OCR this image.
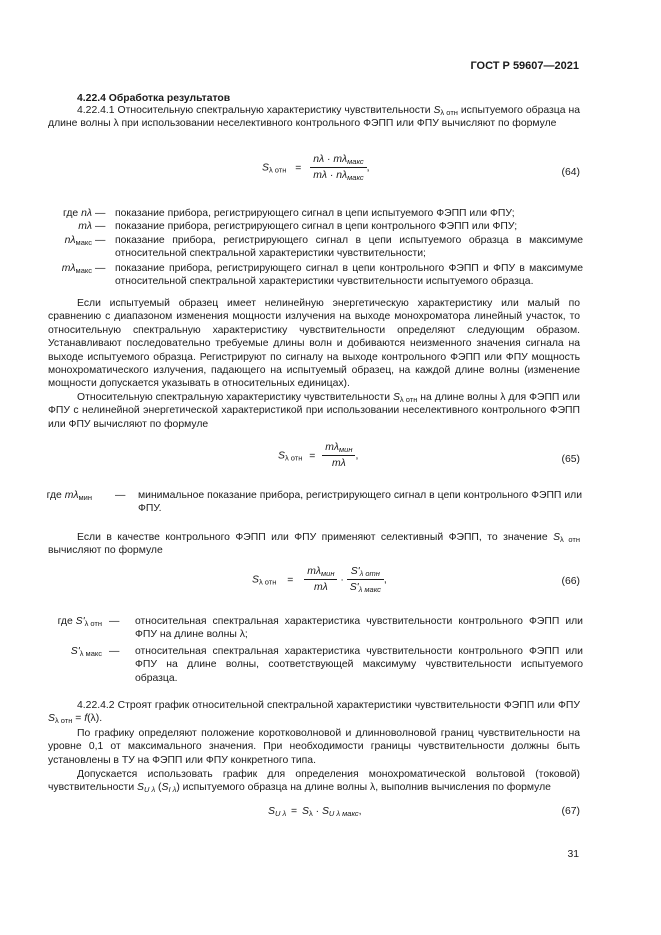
ГОСТ Р 59607—2021
4.22.4 Обработка результатов
4.22.4.1 Относительную спектральную характеристику чувствительности $S_{\lambda отн}$ испытуемого образца на длине волны λ при использовании неселективного контрольного ФЭПП или ФПУ вычисляют по формуле
$S_{\lambda отн} = \frac{n\lambda \cdot m\lambda_{макс}}{m\lambda \cdot n\lambda_{макс}}$ ,	(64)
где nλ — показание прибора, регистрирующего сигнал в цепи испытуемого ФЭПП или ФПУ;
mλ — показание прибора, регистрирующего сигнал в цепи контрольного ФЭПП или ФПУ;
$n\lambda_{макс}$ — показание прибора, регистрирующего сигнал в цепи испытуемого образца в максимуме относительной спектральной характеристики чувствительности;
$m\lambda_{макс}$ — показание прибора, регистрирующего сигнал в цепи контрольного ФЭПП и ФПУ в максимуме относительной спектральной характеристики чувствительности испытуемого образца.
Если испытуемый образец имеет нелинейную энергетическую характеристику или малый по сравнению с диапазоном изменения мощности излучения на выходе монохроматора линейный участок, то относительную спектральную характеристику чувствительности определяют следующим образом. Устанавливают последовательно требуемые длины волн и добиваются неизменного значения сигнала на выходе испытуемого образца. Регистрируют по сигналу на выходе контрольного ФЭПП или ФПУ мощность монохроматического излучения, падающего на испытуемый образец, на каждой длине волны (изменение мощности допускается указывать в относительных единицах).
Относительную спектральную характеристику чувствительности $S_{\lambda отн}$ на длине волны λ для ФЭПП или ФПУ с нелинейной энергетической характеристикой при использовании неселективного контрольного ФЭПП или ФПУ вычисляют по формуле
$S_{\lambda отн} = \frac{m\lambda_{мин}}{m\lambda}$ ,	(65)
где $m\lambda_{мин}$ — минимальное показание прибора, регистрирующего сигнал в цепи контрольного ФЭПП или ФПУ.
Если в качестве контрольного ФЭПП или ФПУ применяют селективный ФЭПП, то значение $S_{\lambda отн}$ вычисляют по формуле
$S_{\lambda отн} = \frac{m\lambda_{мин}}{m\lambda} \cdot \frac{S'_{\lambda отн}}{S'_{\lambda макс}}$ ,	(66)
где $S'_{\lambda отн}$ — относительная спектральная характеристика чувствительности контрольного ФЭПП или ФПУ на длине волны λ;
$S'_{\lambda макс}$ — относительная спектральная характеристика чувствительности контрольного ФЭПП или ФПУ на длине волны, соответствующей максимуму чувствительности испытуемого образца.
4.22.4.2 Строят график относительной спектральной характеристики чувствительности ФЭПП или ФПУ $S_{\lambda отн} = f(\lambda)$.
По графику определяют положение коротковолновой и длинноволновой границ чувствительности на уровне 0,1 от максимального значения. При необходимости границы чувствительности должны быть установлены в ТУ на ФЭПП или ФПУ конкретного типа.
Допускается использовать график для определения монохроматической вольтовой (токовой) чувствительности $S_{U \lambda}$ $(S_{I \lambda})$ испытуемого образца на длине волны λ, выполнив вычисления по формуле
$S_{U \lambda} = S_\lambda \cdot S_{U \lambda макс}$,	(67)
31
